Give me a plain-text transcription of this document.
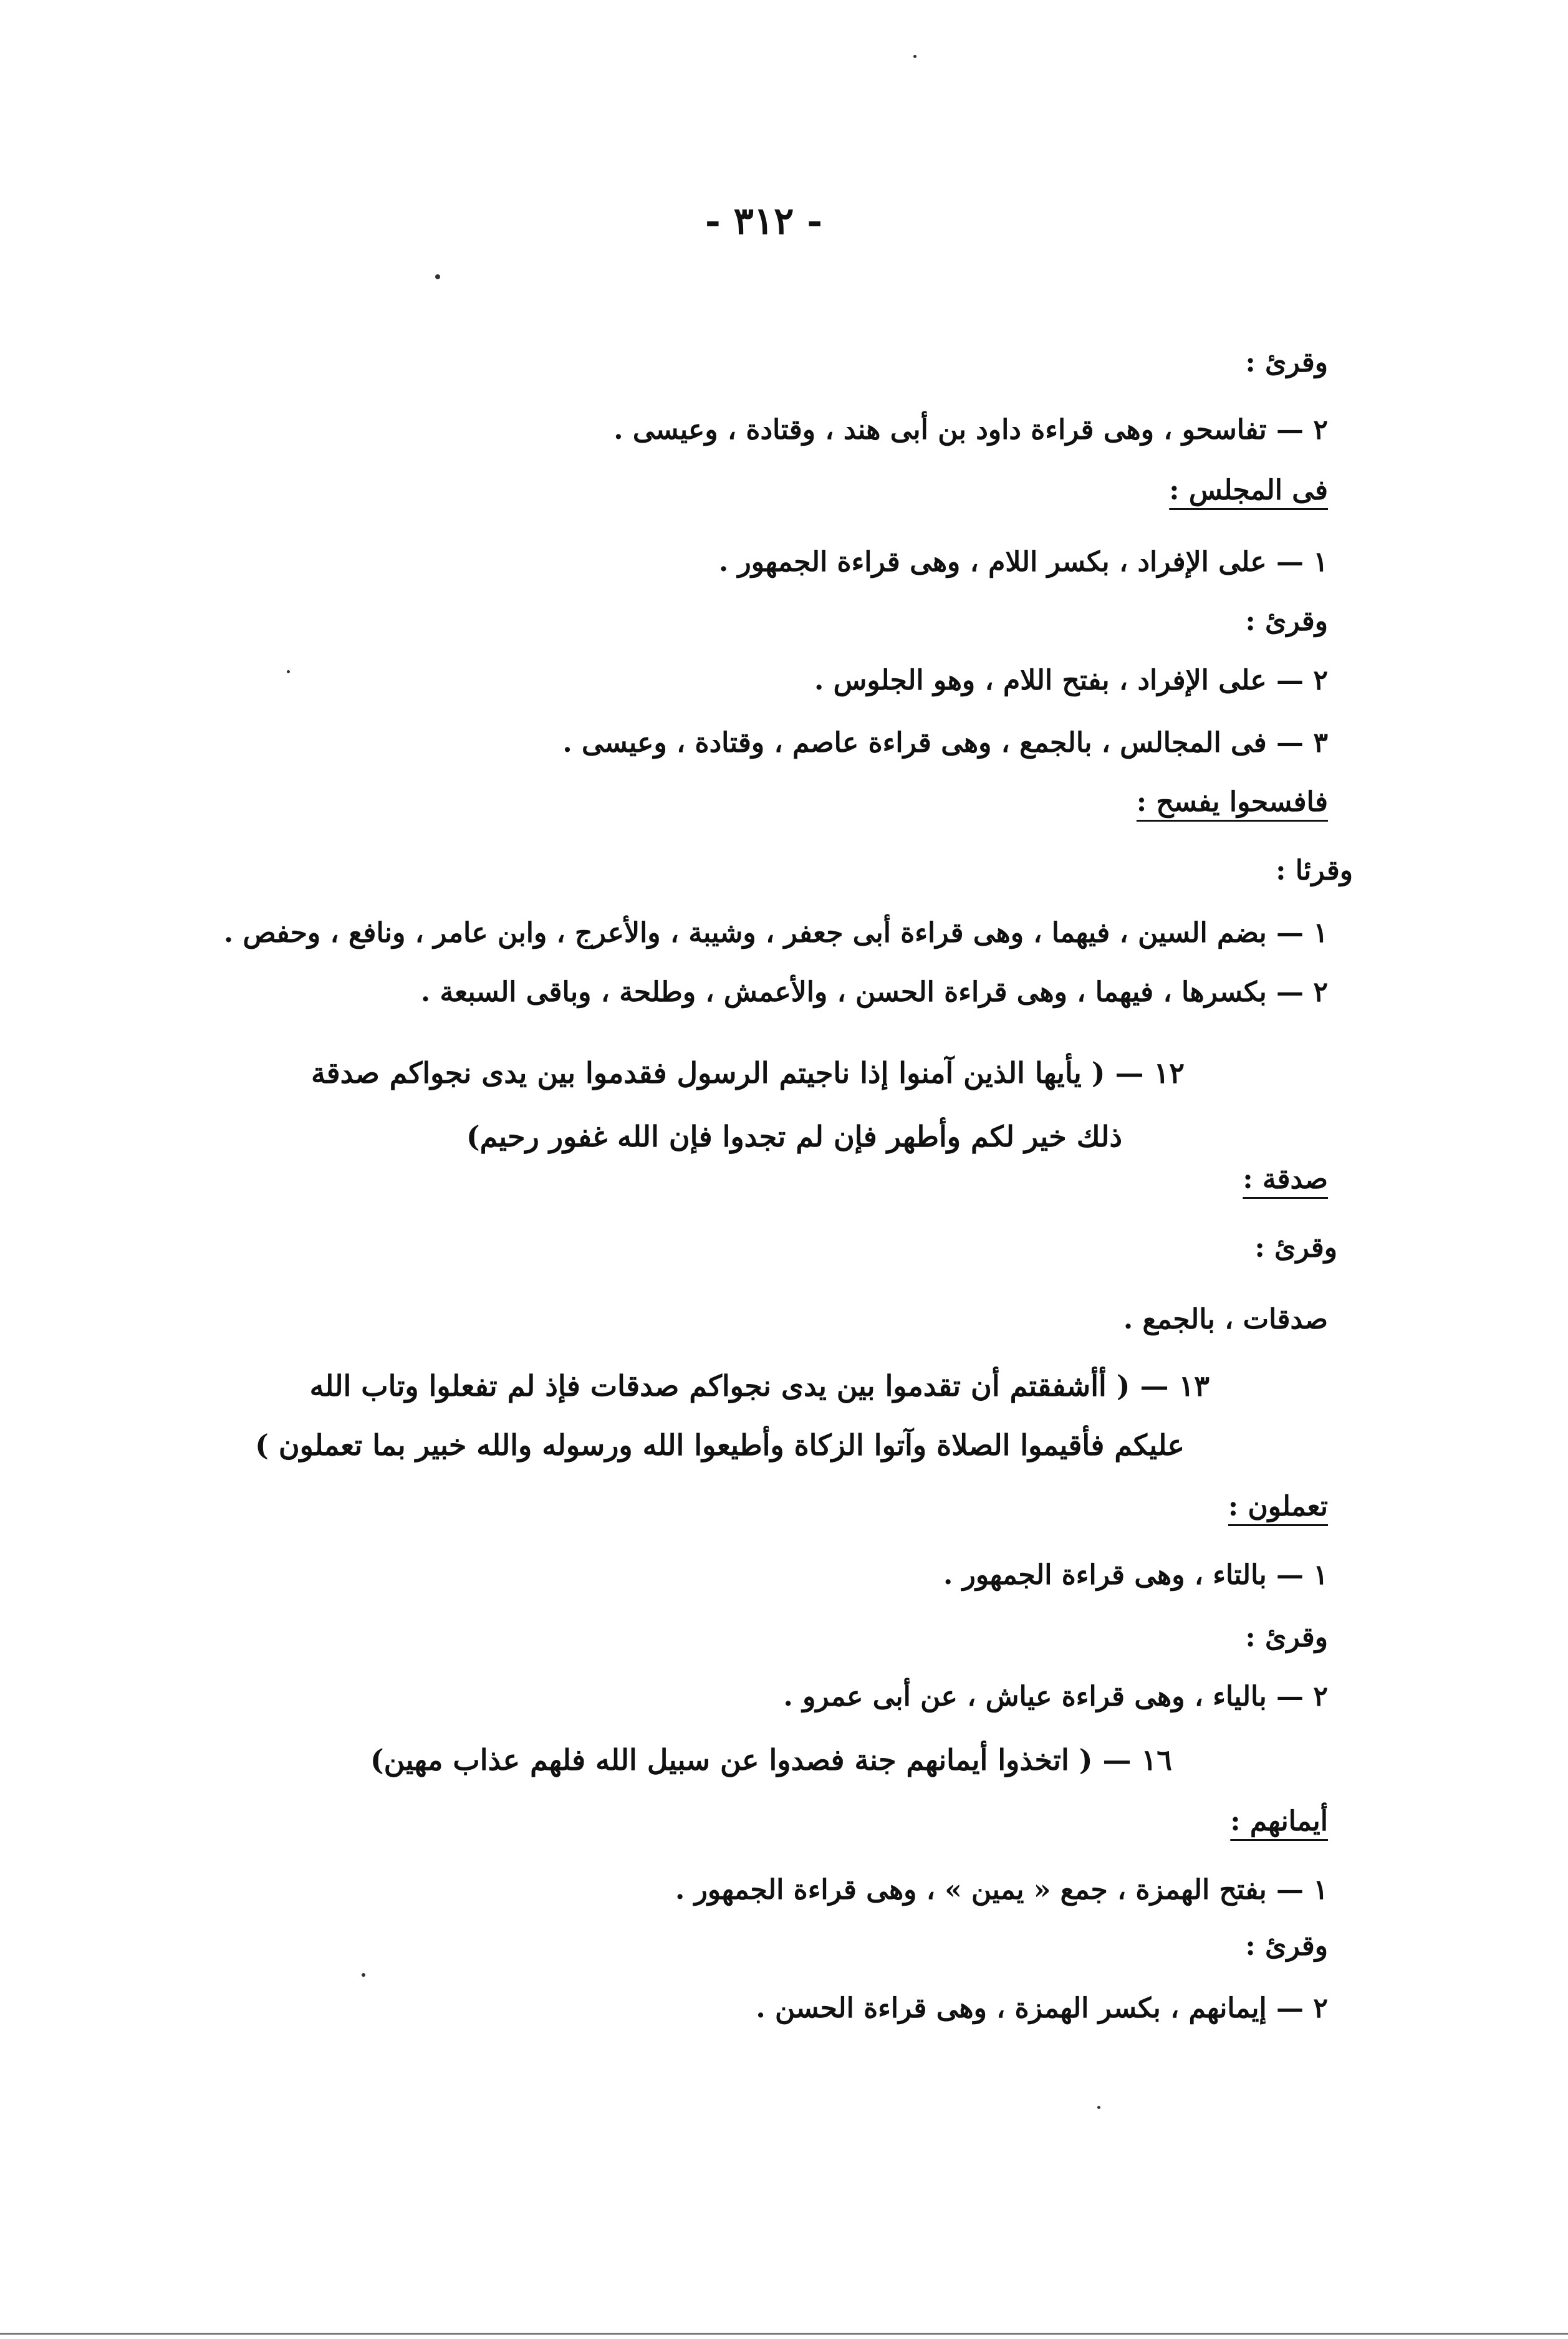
- ٣١٢ -
وقرئ :
٢ — تفاسحو ، وهى قراءة داود بن أبى هند ، وقتادة ، وعيسى .
فى المجلس :
١ — على الإفراد ، بكسر اللام ، وهى قراءة الجمهور .
وقرئ :
٢ — على الإفراد ، بفتح اللام ، وهو الجلوس .
٣ — فى المجالس ، بالجمع ، وهى قراءة عاصم ، وقتادة ، وعيسى .
فافسحوا يفسح :
وقرئا :
١ — بضم السين ، فيهما ، وهى قراءة أبى جعفر ، وشيبة ، والأعرج ، وابن عامر ، ونافع ، وحفص .
٢ — بكسرها ، فيهما ، وهى قراءة الحسن ، والأعمش ، وطلحة ، وباقى السبعة .
١٢ — ( يأيها الذين آمنوا إذا ناجيتم الرسول فقدموا بين يدى نجواكم صدقة
ذلك خير لكم وأطهر فإن لم تجدوا فإن الله غفور رحيم)
صدقة :
وقرئ :
صدقات ، بالجمع .
١٣ — ( أأشفقتم أن تقدموا بين يدى نجواكم صدقات فإذ لم تفعلوا وتاب الله
عليكم فأقيموا الصلاة وآتوا الزكاة وأطيعوا الله ورسوله والله خبير بما تعملون )
تعملون :
١ — بالتاء ، وهى قراءة الجمهور .
وقرئ :
٢ — بالياء ، وهى قراءة عياش ، عن أبى عمرو .
١٦ — ( اتخذوا أيمانهم جنة فصدوا عن سبيل الله فلهم عذاب مهين)
أيمانهم :
١ — بفتح الهمزة ، جمع « يمين » ، وهى قراءة الجمهور .
وقرئ :
٢ — إيمانهم ، بكسر الهمزة ، وهى قراءة الحسن .
